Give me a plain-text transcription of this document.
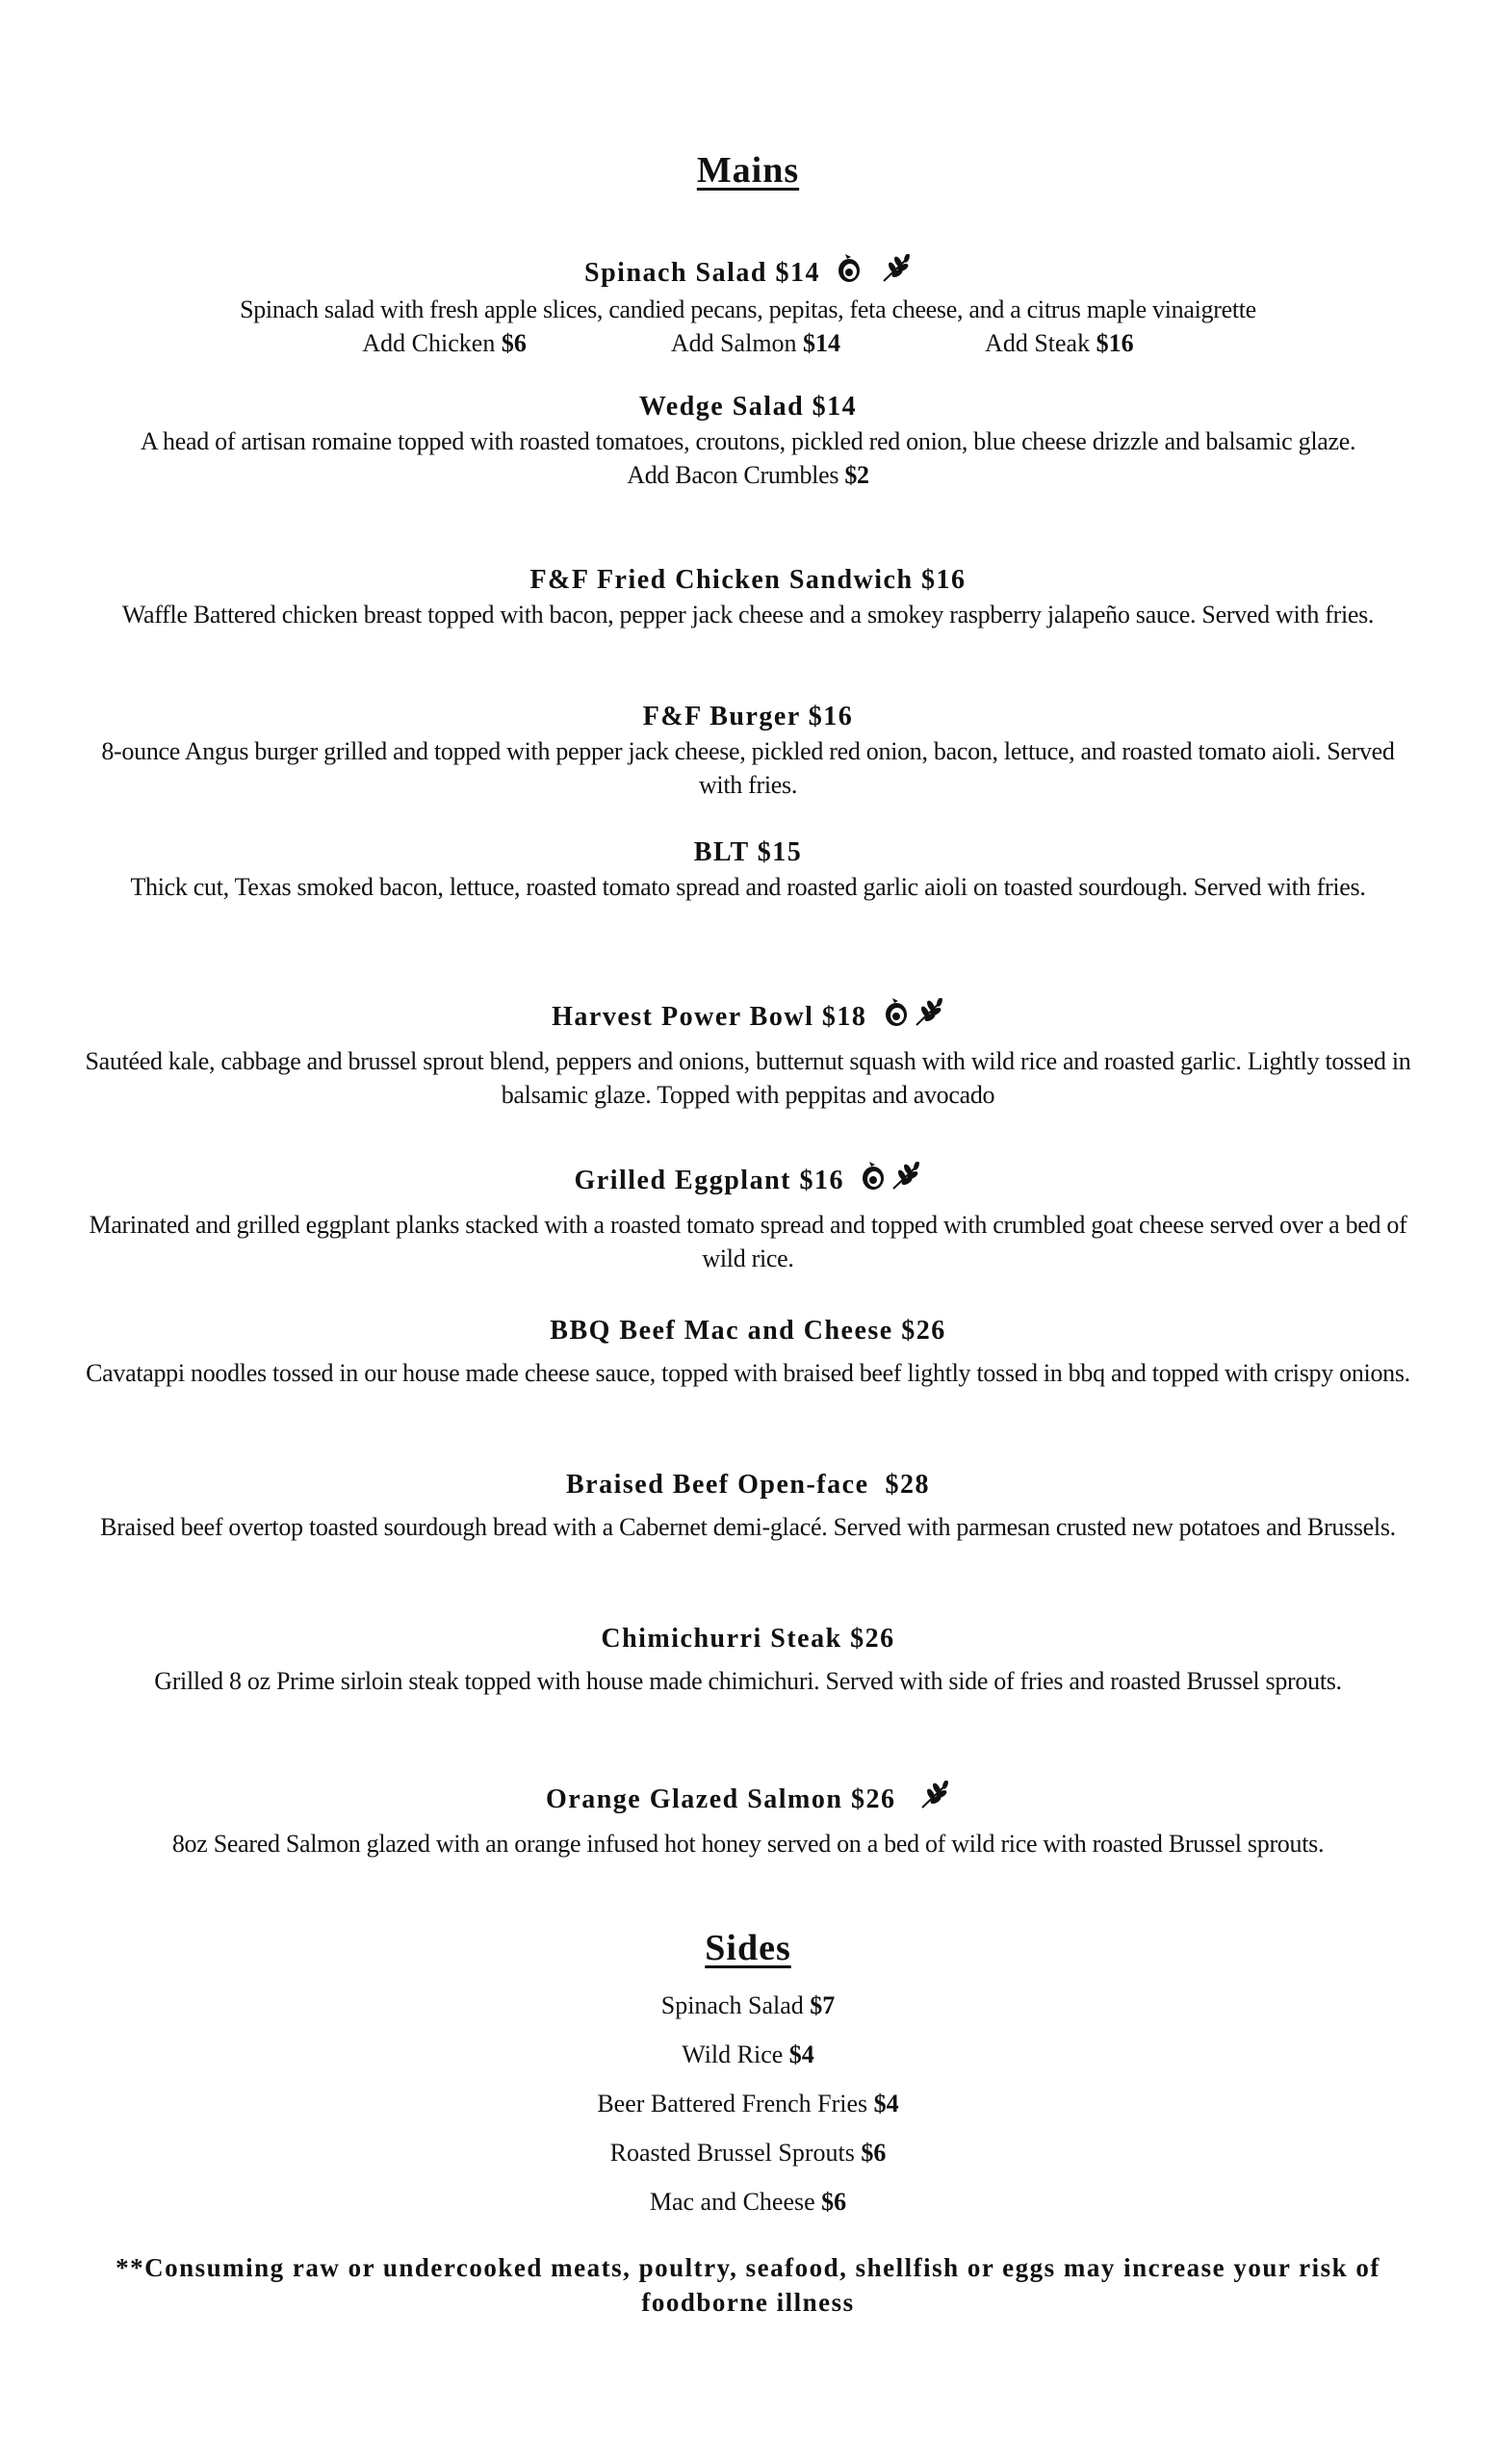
Mains
Spinach Salad $14
Spinach salad with fresh apple slices, candied pecans, pepitas, feta cheese, and a citrus maple vinaigrette
Add Chicken $6	Add Salmon $14	Add Steak $16
Wedge Salad $14
A head of artisan romaine topped with roasted tomatoes, croutons, pickled red onion, blue cheese drizzle and balsamic glaze.
Add Bacon Crumbles $2
F&F Fried Chicken Sandwich $16
Waffle Battered chicken breast topped with bacon, pepper jack cheese and a smokey raspberry jalapeño sauce. Served with fries.
F&F Burger $16
8-ounce Angus burger grilled and topped with pepper jack cheese, pickled red onion, bacon, lettuce, and roasted tomato aioli. Served with fries.
BLT $15
Thick cut, Texas smoked bacon, lettuce, roasted tomato spread and roasted garlic aioli on toasted sourdough. Served with fries.
Harvest Power Bowl $18
Sautéed kale, cabbage and brussel sprout blend, peppers and onions, butternut squash with wild rice and roasted garlic. Lightly tossed in balsamic glaze. Topped with peppitas and avocado
Grilled Eggplant $16
Marinated and grilled eggplant planks stacked with a roasted tomato spread and topped with crumbled goat cheese served over a bed of wild rice.
BBQ Beef Mac and Cheese $26
Cavatappi noodles tossed in our house made cheese sauce, topped with braised beef lightly tossed in bbq and topped with crispy onions.
Braised Beef Open-face  $28
Braised beef overtop toasted sourdough bread with a Cabernet demi-glacé. Served with parmesan crusted new potatoes and Brussels.
Chimichurri Steak $26
Grilled 8 oz Prime sirloin steak topped with house made chimichuri. Served with side of fries and roasted Brussel sprouts.
Orange Glazed Salmon $26
8oz Seared Salmon glazed with an orange infused hot honey served on a bed of wild rice with roasted Brussel sprouts.
Sides
Spinach Salad $7
Wild Rice $4
Beer Battered French Fries $4
Roasted Brussel Sprouts $6
Mac and Cheese $6
**Consuming raw or undercooked meats, poultry, seafood, shellfish or eggs may increase your risk of foodborne illness
